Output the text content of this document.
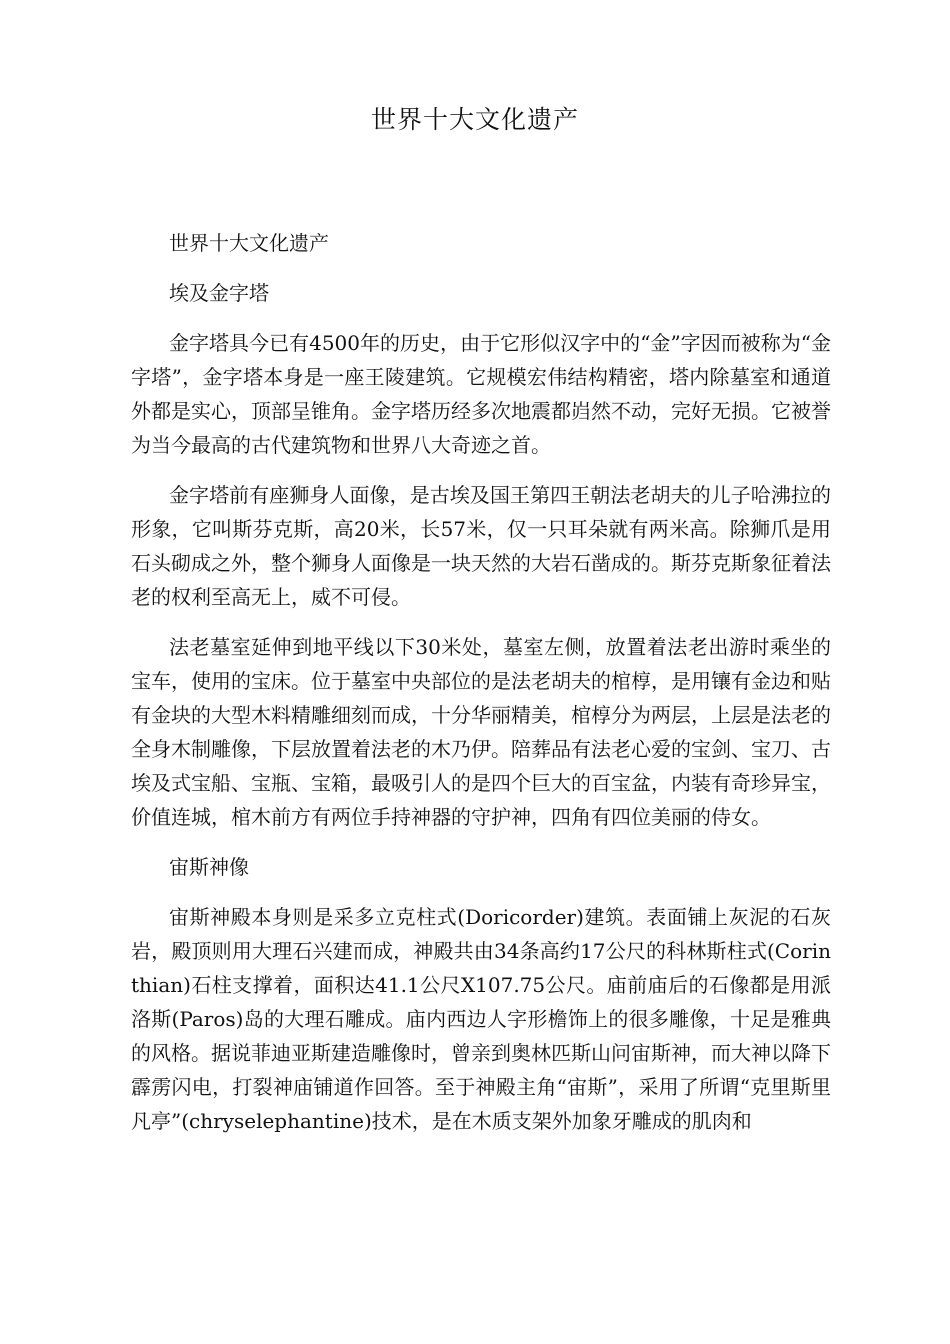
世界十大文化遗产

世界十大文化遗产

埃及金字塔

金字塔具今已有4500年的历史，由于它形似汉字中的“金”字因而被称为“金字塔”，金字塔本身是一座王陵建筑。它规模宏伟结构精密，塔内除墓室和通道外都是实心，顶部呈锥角。金字塔历经多次地震都岿然不动，完好无损。它被誉为当今最高的古代建筑物和世界八大奇迹之首。

金字塔前有座狮身人面像，是古埃及国王第四王朝法老胡夫的儿子哈沸拉的形象，它叫斯芬克斯，高20米，长57米，仅一只耳朵就有两米高。除狮爪是用石头砌成之外，整个狮身人面像是一块天然的大岩石凿成的。斯芬克斯象征着法老的权利至高无上，威不可侵。

法老墓室延伸到地平线以下30米处，墓室左侧，放置着法老出游时乘坐的宝车，使用的宝床。位于墓室中央部位的是法老胡夫的棺椁，是用镶有金边和贴有金块的大型木料精雕细刻而成，十分华丽精美，棺椁分为两层，上层是法老的全身木制雕像，下层放置着法老的木乃伊。陪葬品有法老心爱的宝剑、宝刀、古埃及式宝船、宝瓶、宝箱，最吸引人的是四个巨大的百宝盆，内装有奇珍异宝，价值连城，棺木前方有两位手持神器的守护神，四角有四位美丽的侍女。

宙斯神像

宙斯神殿本身则是采多立克柱式(Doricorder)建筑。表面铺上灰泥的石灰岩，殿顶则用大理石兴建而成，神殿共由34条高约17公尺的科林斯柱式(Corinthian)石柱支撑着，面积达41.1公尺X107.75公尺。庙前庙后的石像都是用派洛斯(Paros)岛的大理石雕成。庙内西边人字形檐饰上的很多雕像，十足是雅典的风格。据说菲迪亚斯建造雕像时，曾亲到奥林匹斯山问宙斯神，而大神以降下霹雳闪电，打裂神庙铺道作回答。至于神殿主角“宙斯”，采用了所谓“克里斯里凡亭”(chryselephantine)技术，是在木质支架外加象牙雕成的肌肉和
